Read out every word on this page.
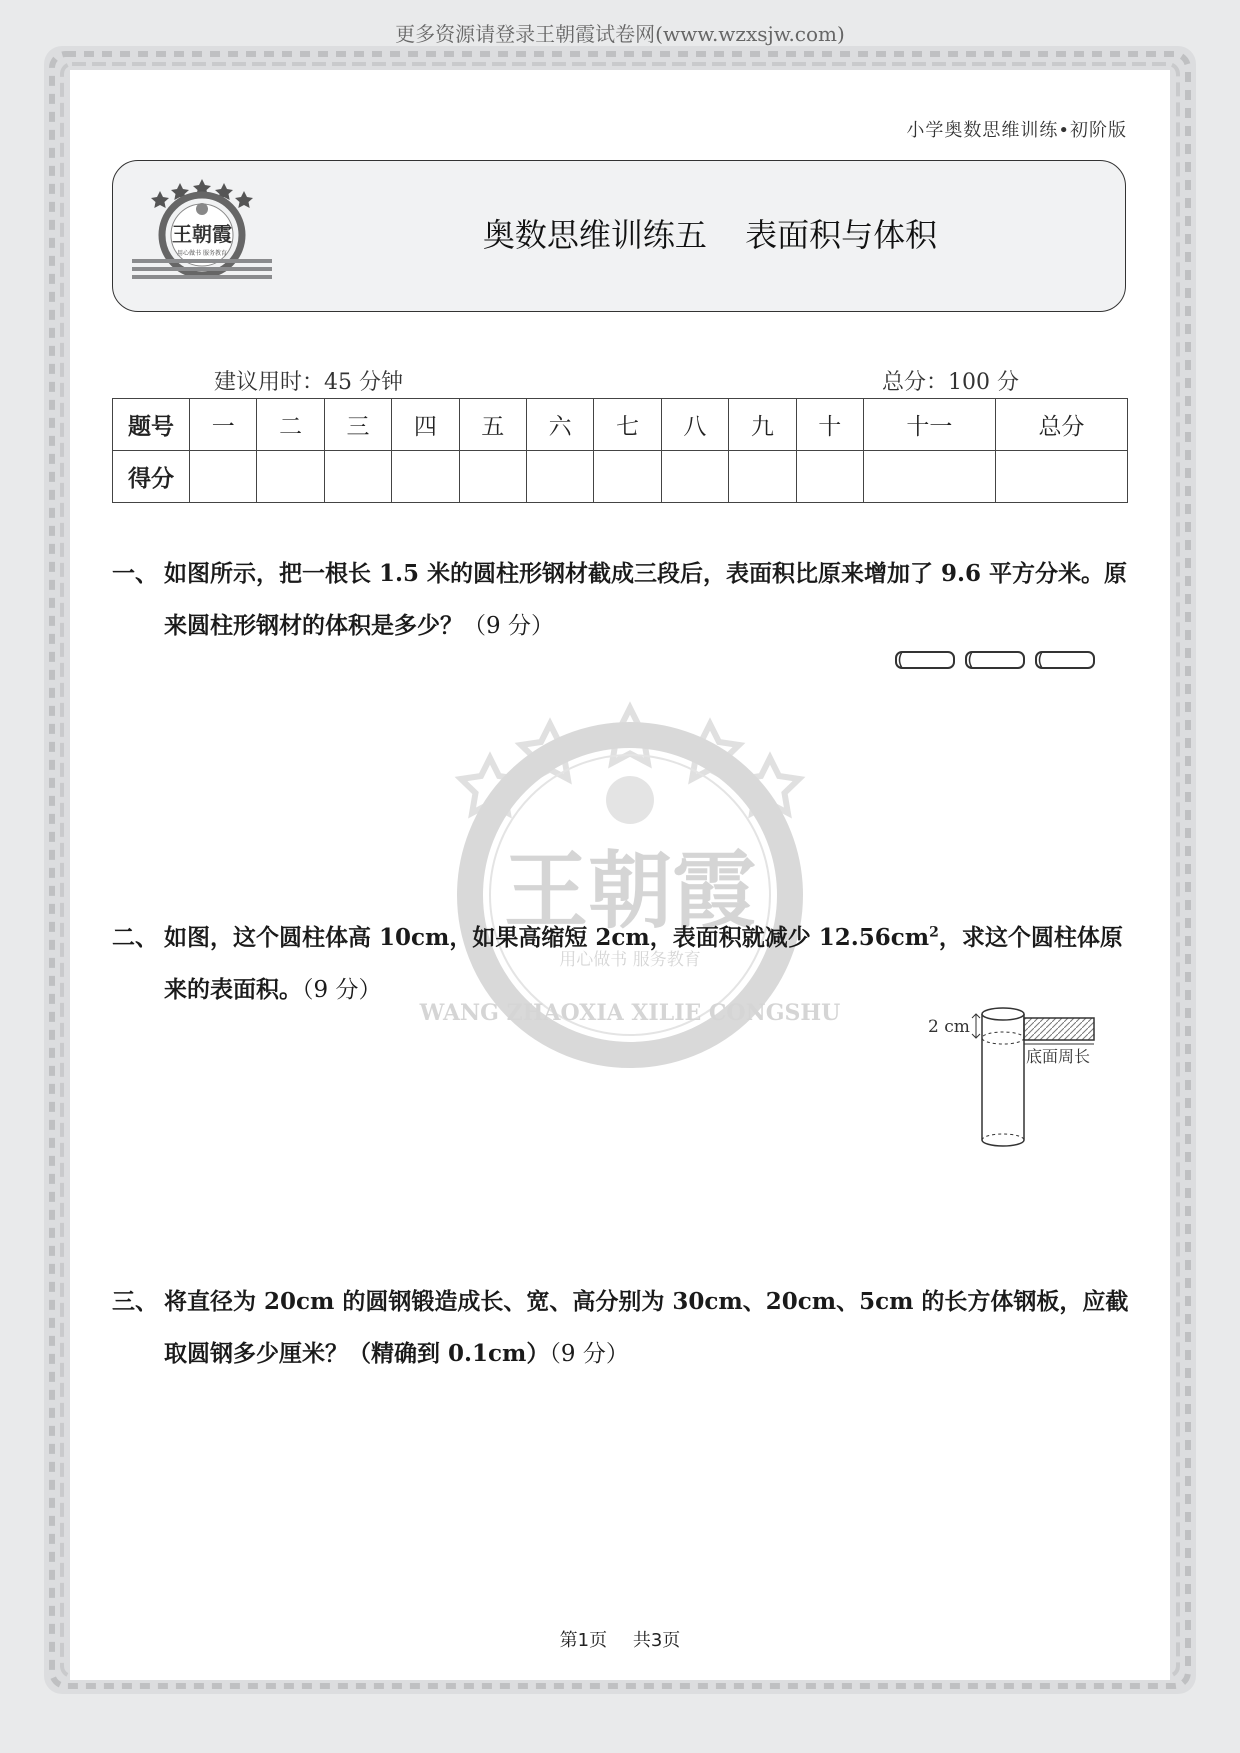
更多资源请登录王朝霞试卷网(www.wzxsjw.com)
小学奥数思维训练•初阶版
王朝霞
用心做书 服务教育	奥数思维训练五 表面积与体积
建议用时：45 分钟	总分：100 分
题号	一	二	三	四	五	六	七	八	九	十	十一	总分
得分												
王朝霞
用心做书 服务教育
WANG ZHAOXIA XILIE CONGSHU
一、 如图所示，把一根长 1.5 米的圆柱形钢材截成三段后，表面积比原来增加了 9.6 平方分米。原来圆柱形钢材的体积是多少？（9 分）
二、 如图，这个圆柱体高 10cm，如果高缩短 2cm，表面积就减少 $12.56cm^2$，求这个圆柱体原来的表面积。（9 分）
2 cm
底面周长
三、 将直径为 20cm 的圆钢锻造成长、宽、高分别为 30cm、20cm、5cm 的长方体钢板，应截取圆钢多少厘米？（精确到 0.1cm）（9 分）
第1页 共3页
